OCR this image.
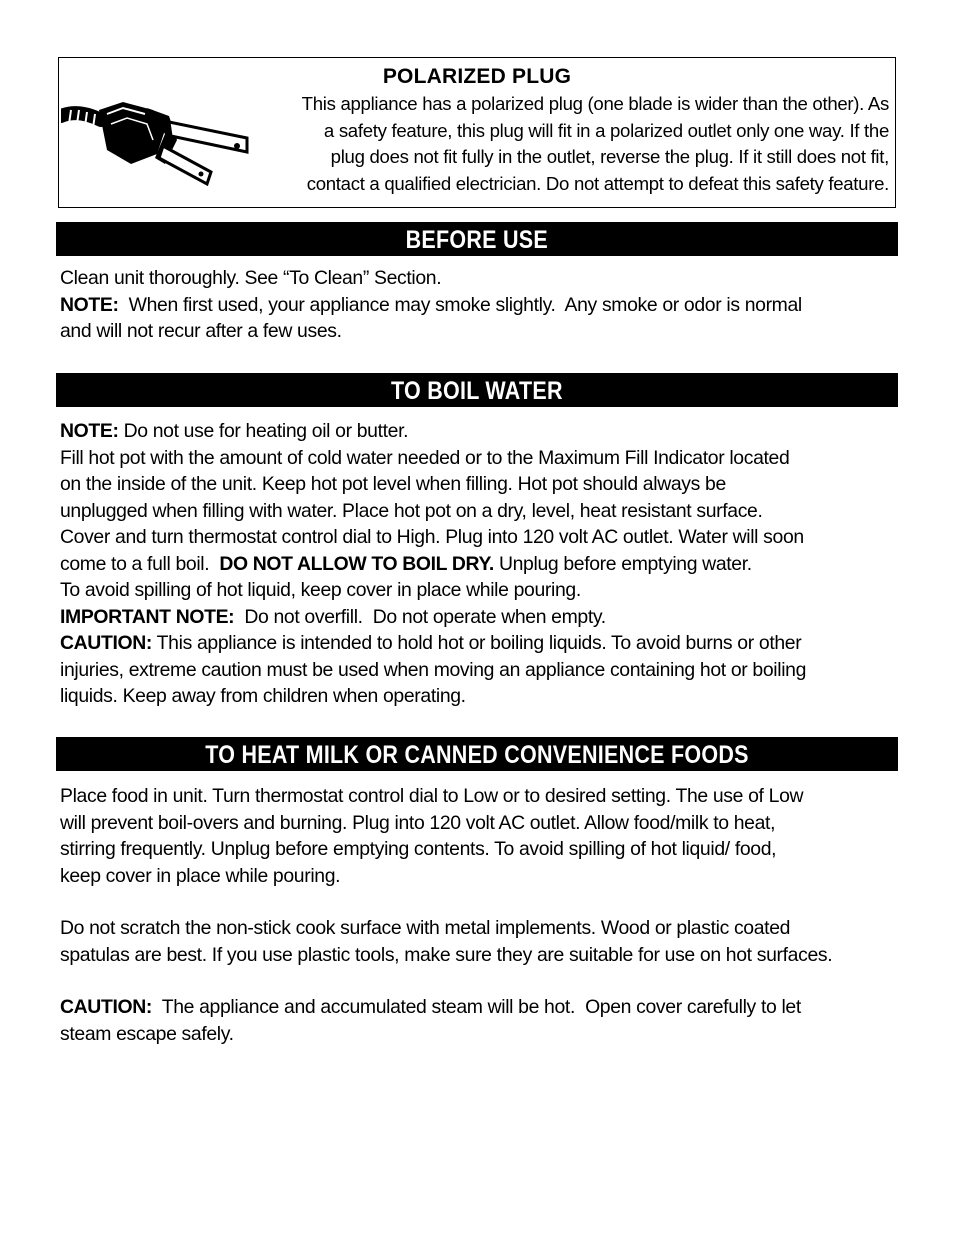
POLARIZED PLUG
This appliance has a polarized plug (one blade is wider than the other). As
a safety feature, this plug will fit in a polarized outlet only one way. If the
plug does not fit fully in the outlet, reverse the plug. If it still does not fit,
contact a qualified electrician. Do not attempt to defeat this safety feature.
BEFORE USE
Clean unit thoroughly. See “To Clean” Section.
NOTE:  When first used, your appliance may smoke slightly.  Any smoke or odor is normal
and will not recur after a few uses.
TO BOIL WATER
NOTE: Do not use for heating oil or butter.
Fill hot pot with the amount of cold water needed or to the Maximum Fill Indicator located
on the inside of the unit. Keep hot pot level when filling. Hot pot should always be
unplugged when filling with water. Place hot pot on a dry, level, heat resistant surface.
Cover and turn thermostat control dial to High. Plug into 120 volt AC outlet. Water will soon
come to a full boil.  DO NOT ALLOW TO BOIL DRY. Unplug before emptying water.
To avoid spilling of hot liquid, keep cover in place while pouring.
IMPORTANT NOTE:  Do not overfill.  Do not operate when empty.
CAUTION: This appliance is intended to hold hot or boiling liquids. To avoid burns or other
injuries, extreme caution must be used when moving an appliance containing hot or boiling
liquids. Keep away from children when operating.
TO HEAT MILK OR CANNED CONVENIENCE FOODS
Place food in unit. Turn thermostat control dial to Low or to desired setting. The use of Low
will prevent boil-overs and burning. Plug into 120 volt AC outlet. Allow food/milk to heat,
stirring frequently. Unplug before emptying contents. To avoid spilling of hot liquid/ food,
keep cover in place while pouring.
Do not scratch the non-stick cook surface with metal implements. Wood or plastic coated
spatulas are best. If you use plastic tools, make sure they are suitable for use on hot surfaces.
CAUTION:  The appliance and accumulated steam will be hot.  Open cover carefully to let
steam escape safely.
